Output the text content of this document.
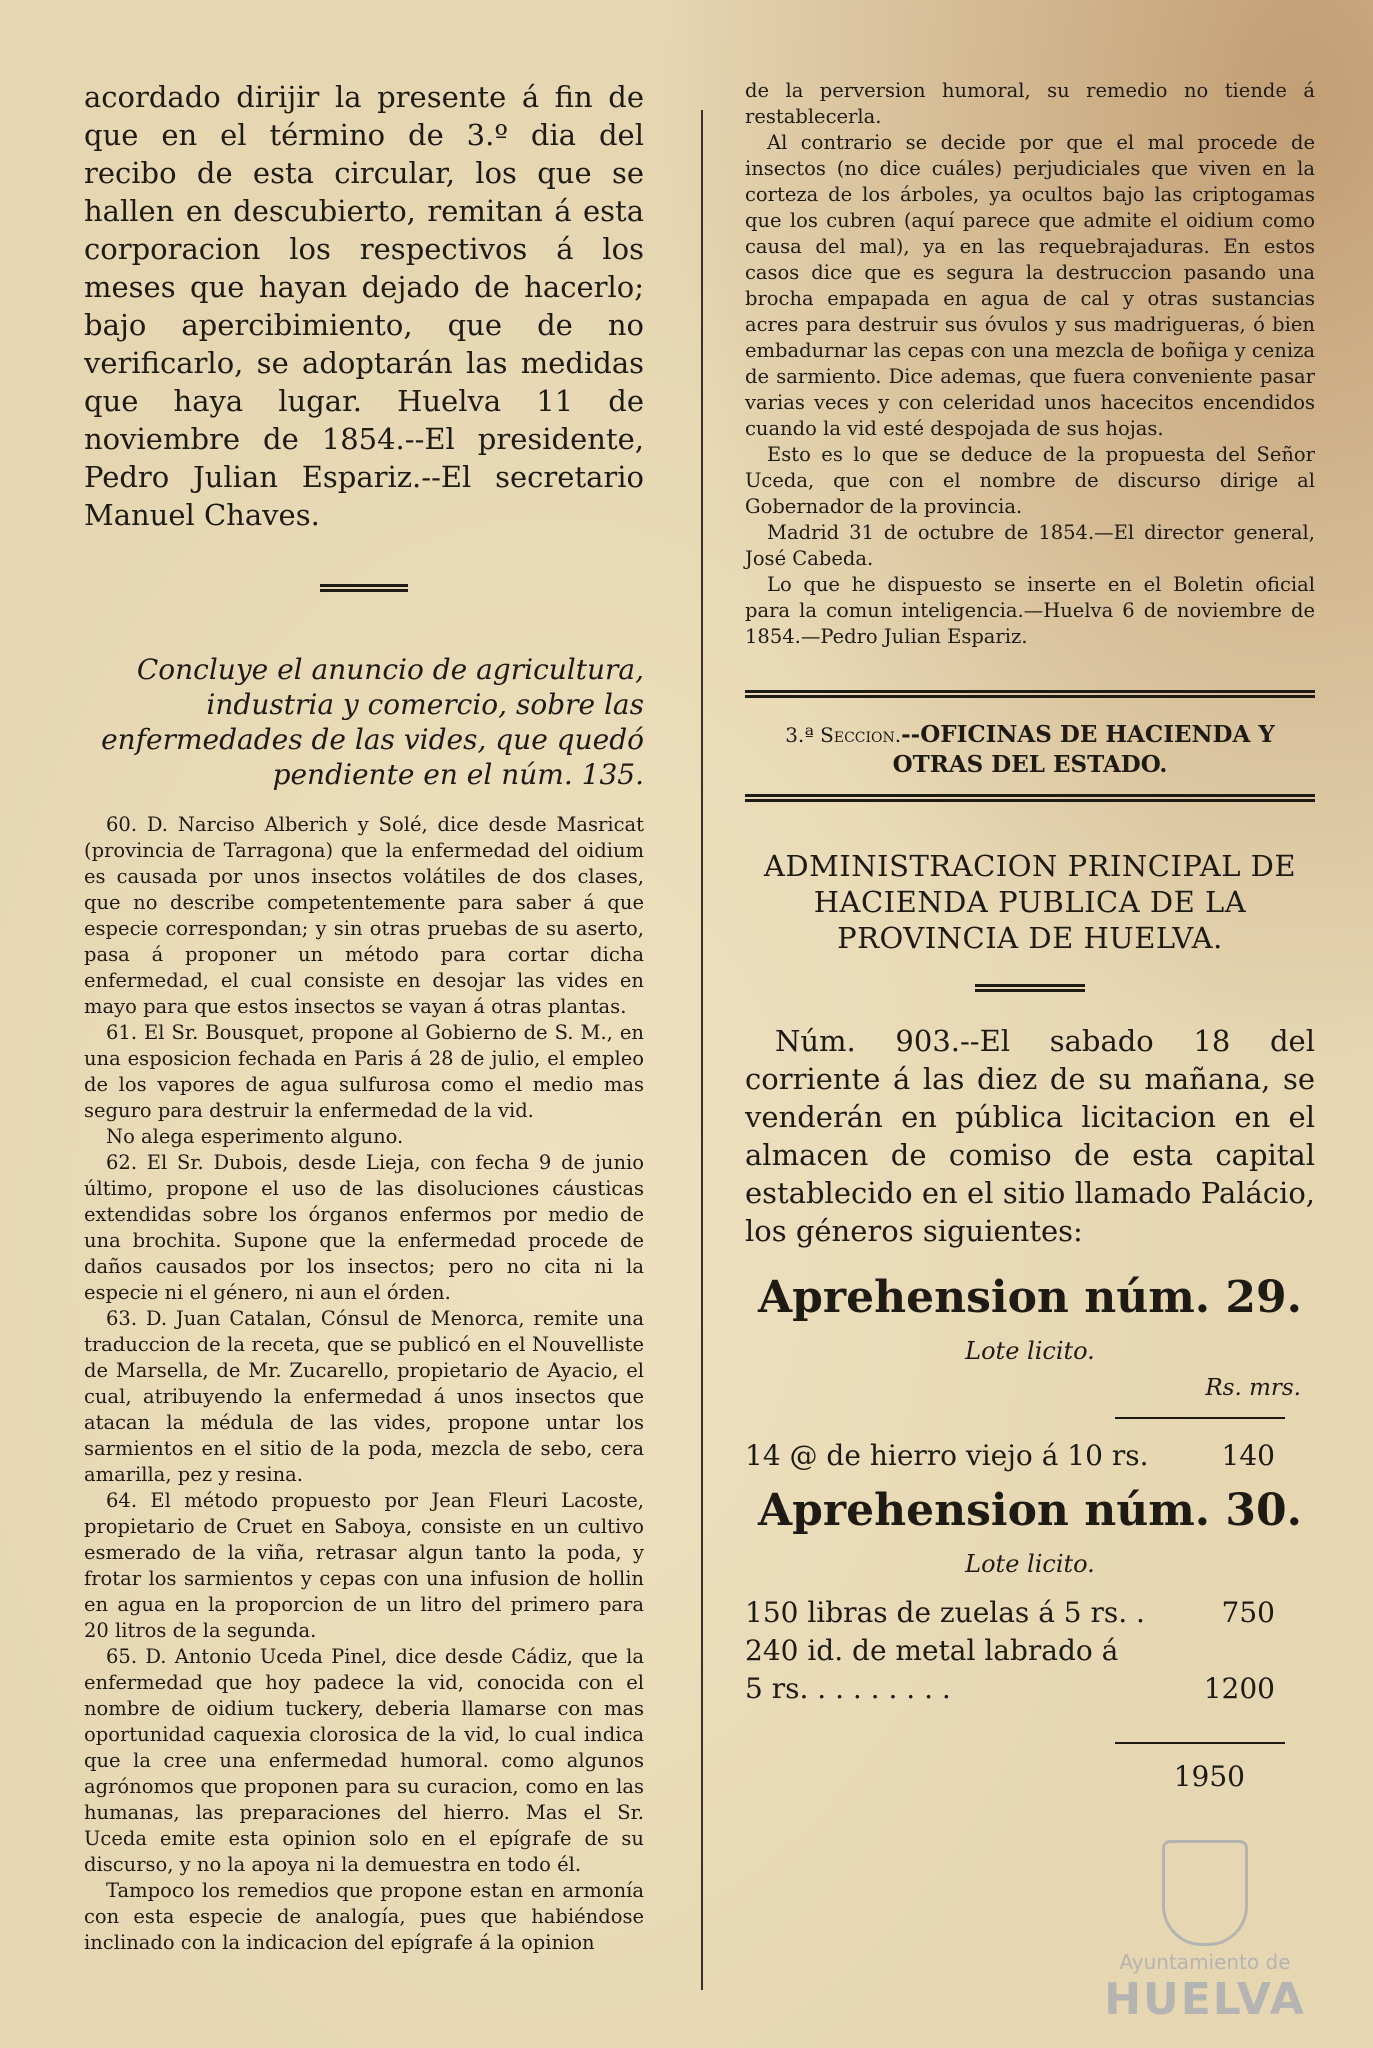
acordado dirijir la presente á fin de que en el término de 3.º dia del recibo de esta circular, los que se hallen en descubierto, remitan á esta corporacion los respectivos á los meses que hayan dejado de hacerlo; bajo apercibimiento, que de no verificarlo, se adoptarán las medidas que haya lugar. Huelva 11 de noviembre de 1854.--El presidente, Pedro Julian Espariz.--El secretario Manuel Chaves.

Concluye el anuncio de agricultura, industria y comercio, sobre las enfermedades de las vides, que quedó pendiente en el núm. 135.

60. D. Narciso Alberich y Solé, dice desde Masricat (provincia de Tarragona) que la enfermedad del oidium es causada por unos insectos volátiles de dos clases, que no describe competentemente para saber á que especie correspondan; y sin otras pruebas de su aserto, pasa á proponer un método para cortar dicha enfermedad, el cual consiste en desojar las vides en mayo para que estos insectos se vayan á otras plantas.

61. El Sr. Bousquet, propone al Gobierno de S. M., en una esposicion fechada en Paris á 28 de julio, el empleo de los vapores de agua sulfurosa como el medio mas seguro para destruir la enfermedad de la vid.

No alega esperimento alguno.

62. El Sr. Dubois, desde Lieja, con fecha 9 de junio último, propone el uso de las disoluciones cáusticas extendidas sobre los órganos enfermos por medio de una brochita. Supone que la enfermedad procede de daños causados por los insectos; pero no cita ni la especie ni el género, ni aun el órden.

63. D. Juan Catalan, Cónsul de Menorca, remite una traduccion de la receta, que se publicó en el Nouvelliste de Marsella, de Mr. Zucarello, propietario de Ayacio, el cual, atribuyendo la enfermedad á unos insectos que atacan la médula de las vides, propone untar los sarmientos en el sitio de la poda, mezcla de sebo, cera amarilla, pez y resina.

64. El método propuesto por Jean Fleuri Lacoste, propietario de Cruet en Saboya, consiste en un cultivo esmerado de la viña, retrasar algun tanto la poda, y frotar los sarmientos y cepas con una infusion de hollin en agua en la proporcion de un litro del primero para 20 litros de la segunda.

65. D. Antonio Uceda Pinel, dice desde Cádiz, que la enfermedad que hoy padece la vid, conocida con el nombre de oidium tuckery, deberia llamarse con mas oportunidad caquexia clorosica de la vid, lo cual indica que la cree una enfermedad humoral. como algunos agrónomos que proponen para su curacion, como en las humanas, las preparaciones del hierro. Mas el Sr. Uceda emite esta opinion solo en el epígrafe de su discurso, y no la apoya ni la demuestra en todo él.

Tampoco los remedios que propone estan en armonía con esta especie de analogía, pues que habiéndose inclinado con la indicacion del epígrafe á la opinion

de la perversion humoral, su remedio no tiende á restablecerla.

Al contrario se decide por que el mal procede de insectos (no dice cuáles) perjudiciales que viven en la corteza de los árboles, ya ocultos bajo las criptogamas que los cubren (aquí parece que admite el oidium como causa del mal), ya en las requebrajaduras. En estos casos dice que es segura la destruccion pasando una brocha empapada en agua de cal y otras sustancias acres para destruir sus óvulos y sus madrigueras, ó bien embadurnar las cepas con una mezcla de boñiga y ceniza de sarmiento. Dice ademas, que fuera conveniente pasar varias veces y con celeridad unos hacecitos encendidos cuando la vid esté despojada de sus hojas.

Esto es lo que se deduce de la propuesta del Señor Uceda, que con el nombre de discurso dirige al Gobernador de la provincia.

Madrid 31 de octubre de 1854.—El director general, José Cabeda.

Lo que he dispuesto se inserte en el Boletin oficial para la comun inteligencia.—Huelva 6 de noviembre de 1854.—Pedro Julian Espariz.

3.ª Seccion.--OFICINAS DE HACIENDA Y OTRAS DEL ESTADO.

ADMINISTRACION PRINCIPAL DE HACIENDA PUBLICA DE LA PROVINCIA DE HUELVA.

Núm. 903.--El sabado 18 del corriente á las diez de su mañana, se venderán en pública licitacion en el almacen de comiso de esta capital establecido en el sitio llamado Palácio, los géneros siguientes:

Aprehension núm. 29.

Lote licito.

Rs. mrs.

14 @ de hierro viejo á 10 rs.	140

Aprehension núm. 30.

Lote licito.

150 libras de zuelas á 5 rs. .	750
240 id. de metal labrado á
5 rs. . . . . . . . .	1200

1950

Ayuntamiento de
HUELVA
